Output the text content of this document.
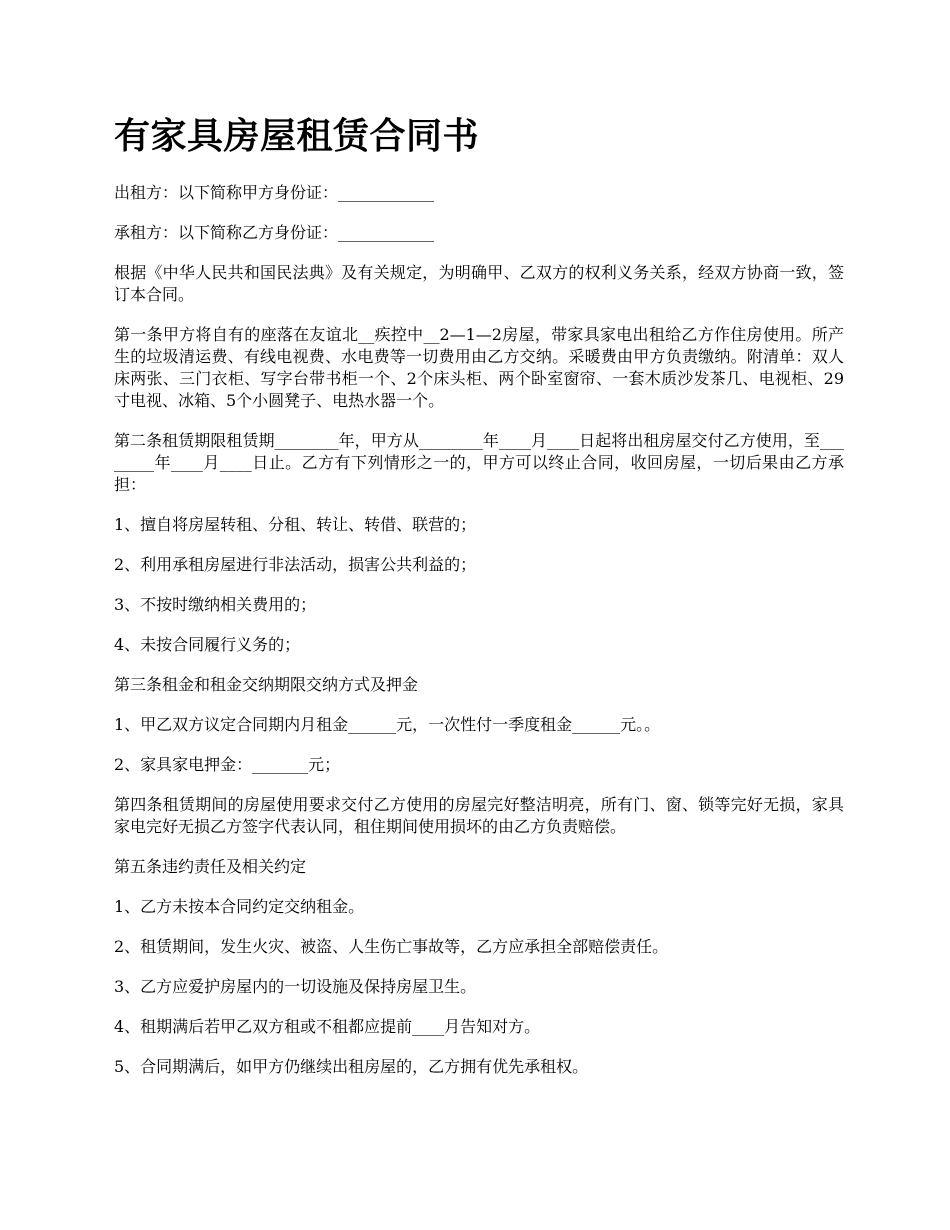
有家具房屋租赁合同书

出租方：以下简称甲方身份证：____________

承租方：以下简称乙方身份证：____________

根据《中华人民共和国民法典》及有关规定，为明确甲、乙双方的权利义务关系，经双方协商一致，签订本合同。

第一条甲方将自有的座落在友谊北__疾控中__2—1—2房屋，带家具家电出租给乙方作住房使用。所产生的垃圾清运费、有线电视费、水电费等一切费用由乙方交纳。采暖费由甲方负责缴纳。附清单：双人床两张、三门衣柜、写字台带书柜一个、2个床头柜、两个卧室窗帘、一套木质沙发茶几、电视柜、29寸电视、冰箱、5个小圆凳子、电热水器一个。

第二条租赁期限租赁期________年，甲方从________年____月____日起将出租房屋交付乙方使用，至________年____月____日止。乙方有下列情形之一的，甲方可以终止合同，收回房屋，一切后果由乙方承担：

1、擅自将房屋转租、分租、转让、转借、联营的；

2、利用承租房屋进行非法活动，损害公共利益的；

3、不按时缴纳相关费用的；

4、未按合同履行义务的；

第三条租金和租金交纳期限交纳方式及押金

1、甲乙双方议定合同期内月租金______元，一次性付一季度租金______元。。

2、家具家电押金：_______元；

第四条租赁期间的房屋使用要求交付乙方使用的房屋完好整洁明亮，所有门、窗、锁等完好无损，家具家电完好无损乙方签字代表认同，租住期间使用损坏的由乙方负责赔偿。

第五条违约责任及相关约定

1、乙方未按本合同约定交纳租金。

2、租赁期间，发生火灾、被盗、人生伤亡事故等，乙方应承担全部赔偿责任。

3、乙方应爱护房屋内的一切设施及保持房屋卫生。

4、租期满后若甲乙双方租或不租都应提前____月告知对方。

5、合同期满后，如甲方仍继续出租房屋的，乙方拥有优先承租权。
